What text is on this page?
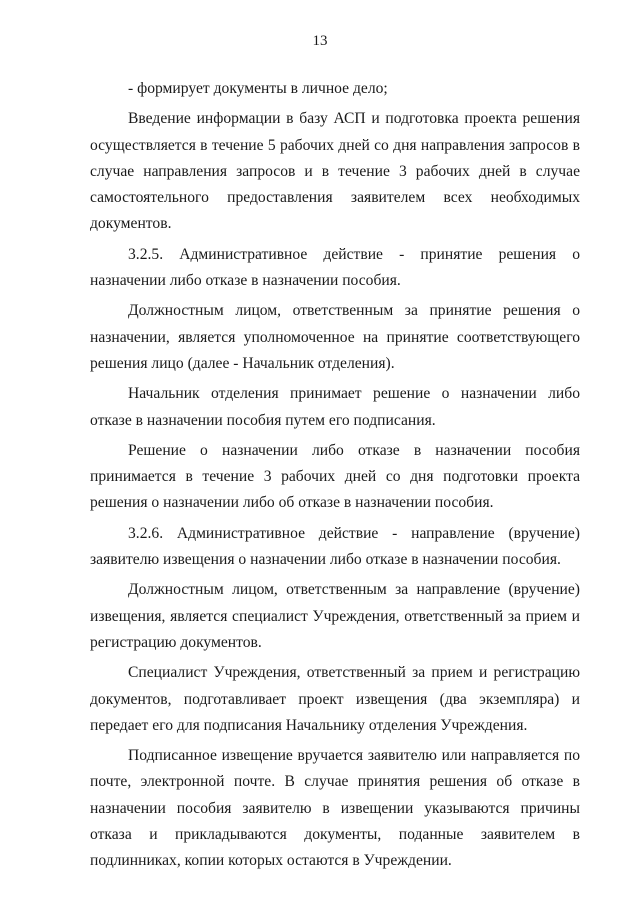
13

- формирует документы в личное дело;

Введение информации в базу АСП и подготовка проекта решения осуществляется в течение 5 рабочих дней со дня направления запросов в случае направления запросов и в течение 3 рабочих дней в случае самостоятельного предоставления заявителем всех необходимых документов.

3.2.5. Административное действие - принятие решения о назначении либо отказе в назначении пособия.

Должностным лицом, ответственным за принятие решения о назначении, является уполномоченное на принятие соответствующего решения лицо (далее - Начальник отделения).

Начальник отделения принимает решение о назначении либо отказе в назначении пособия путем его подписания.

Решение о назначении либо отказе в назначении пособия принимается в течение 3 рабочих дней со дня подготовки проекта решения о назначении либо об отказе в назначении пособия.

3.2.6. Административное действие - направление (вручение) заявителю извещения о назначении либо отказе в назначении пособия.

Должностным лицом, ответственным за направление (вручение) извещения, является специалист Учреждения, ответственный за прием и регистрацию документов.

Специалист Учреждения, ответственный за прием и регистрацию документов, подготавливает проект извещения (два экземпляра) и передает его для подписания Начальнику отделения Учреждения.

Подписанное извещение вручается заявителю или направляется по почте, электронной почте. В случае принятия решения об отказе в назначении пособия заявителю в извещении указываются причины отказа и прикладываются документы, поданные заявителем в подлинниках, копии которых остаются в Учреждении.
